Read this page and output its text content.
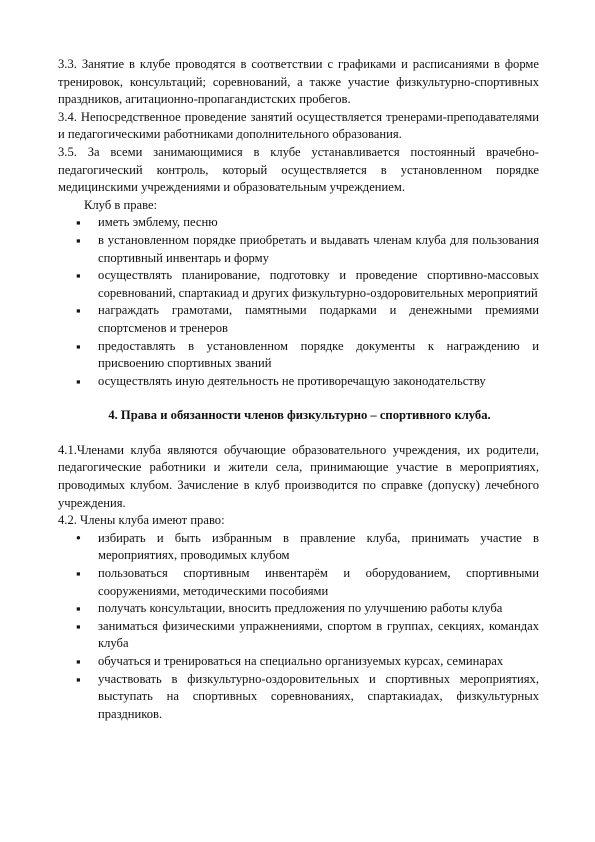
3.3. Занятие в клубе проводятся в соответствии с графиками и расписаниями в форме тренировок, консультаций; соревнований, а также участие физкультурно-спортивных праздников, агитационно-пропагандистских пробегов.

3.4. Непосредственное проведение занятий осуществляется тренерами-преподавателями и педагогическими работниками дополнительного образования.

3.5. За всеми занимающимися в клубе устанавливается постоянный врачебно-педагогический контроль, который осуществляется в установленном порядке медицинскими учреждениями и образовательным учреждением.

Клуб в праве:

▪
иметь эмблему, песню
▪
в установленном порядке приобретать и выдавать членам клуба для пользования спортивный инвентарь и форму
▪
осуществлять планирование, подготовку и проведение спортивно-массовых соревнований, спартакиад и других физкультурно-оздоровительных мероприятий
▪
награждать грамотами, памятными подарками и денежными премиями спортсменов и тренеров
▪
предоставлять в установленном порядке документы к награждению и присвоению спортивных званий
▪
осуществлять иную деятельность не противоречащую законодательству
4. Права и обязанности членов физкультурно – спортивного клуба.

4.1.Членами клуба являются обучающие образовательного учреждения, их родители, педагогические работники и жители села, принимающие участие в мероприятиях, проводимых клубом. Зачисление в клуб производится по справке (допуску) лечебного учреждения.

4.2. Члены клуба имеют право:

●
избирать и быть избранным в правление клуба, принимать участие в мероприятиях, проводимых клубом
▪
пользоваться спортивным инвентарём и оборудованием, спортивными сооружениями, методическими пособиями
▪
получать консультации, вносить предложения по улучшению работы клуба
▪
заниматься физическими упражнениями, спортом в группах, секциях, командах клуба
▪
обучаться и тренироваться на специально организуемых курсах, семинарах
▪
участвовать в физкультурно-оздоровительных и спортивных мероприятиях, выступать на спортивных соревнованиях, спартакиадах, физкультурных праздников.
